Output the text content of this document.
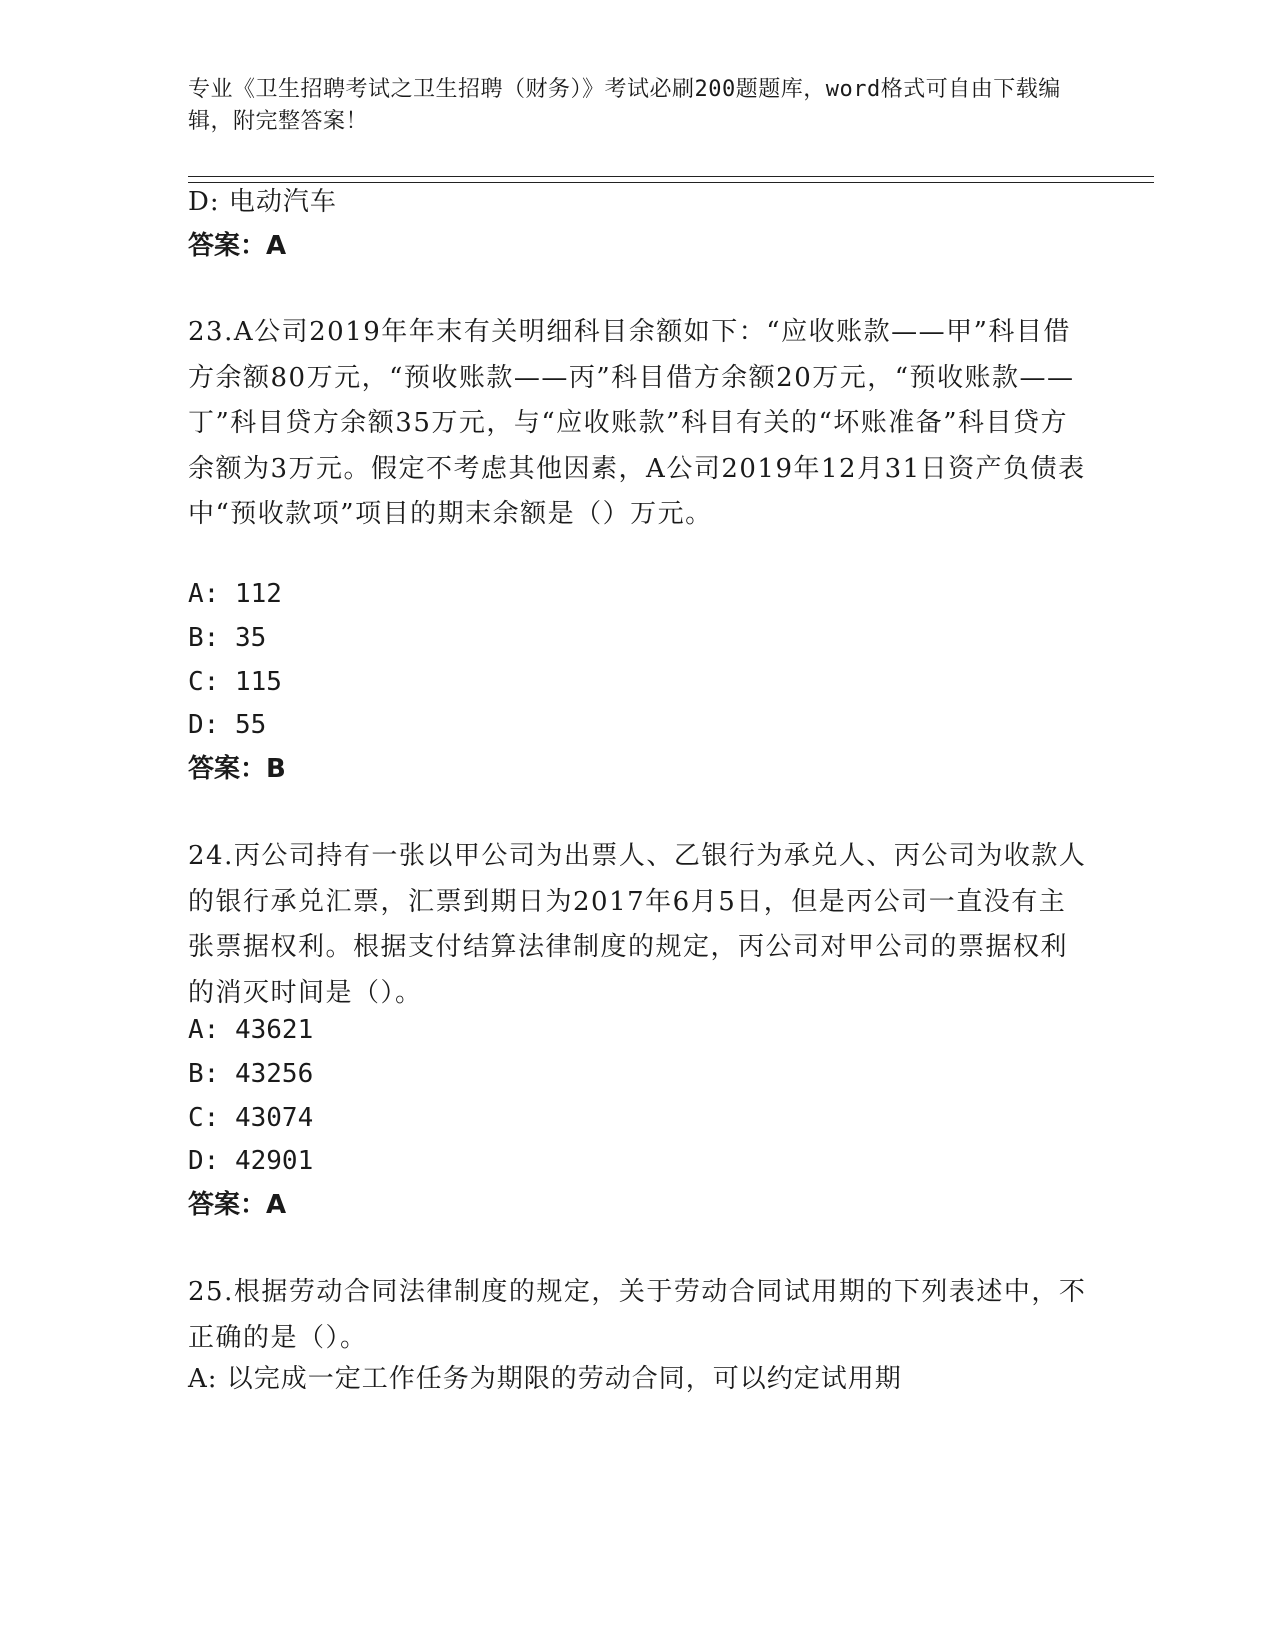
专业《卫生招聘考试之卫生招聘（财务）》考试必刷200题题库，word格式可自由下载编辑，附完整答案！
D: 电动汽车
答案：A
23.A公司2019年年末有关明细科目余额如下：“应收账款——甲”科目借方余额80万元，“预收账款——丙”科目借方余额20万元，“预收账款——丁”科目贷方余额35万元，与“应收账款”科目有关的“坏账准备”科目贷方余额为3万元。假定不考虑其他因素，A公司2019年12月31日资产负债表中“预收款项”项目的期末余额是（）万元。
A: 112
B: 35
C: 115
D: 55
答案：B
24.丙公司持有一张以甲公司为出票人、乙银行为承兑人、丙公司为收款人的银行承兑汇票，汇票到期日为2017年6月5日，但是丙公司一直没有主张票据权利。根据支付结算法律制度的规定，丙公司对甲公司的票据权利的消灭时间是（）。
A: 43621
B: 43256
C: 43074
D: 42901
答案：A
25.根据劳动合同法律制度的规定，关于劳动合同试用期的下列表述中，不正确的是（）。
A: 以完成一定工作任务为期限的劳动合同，可以约定试用期
